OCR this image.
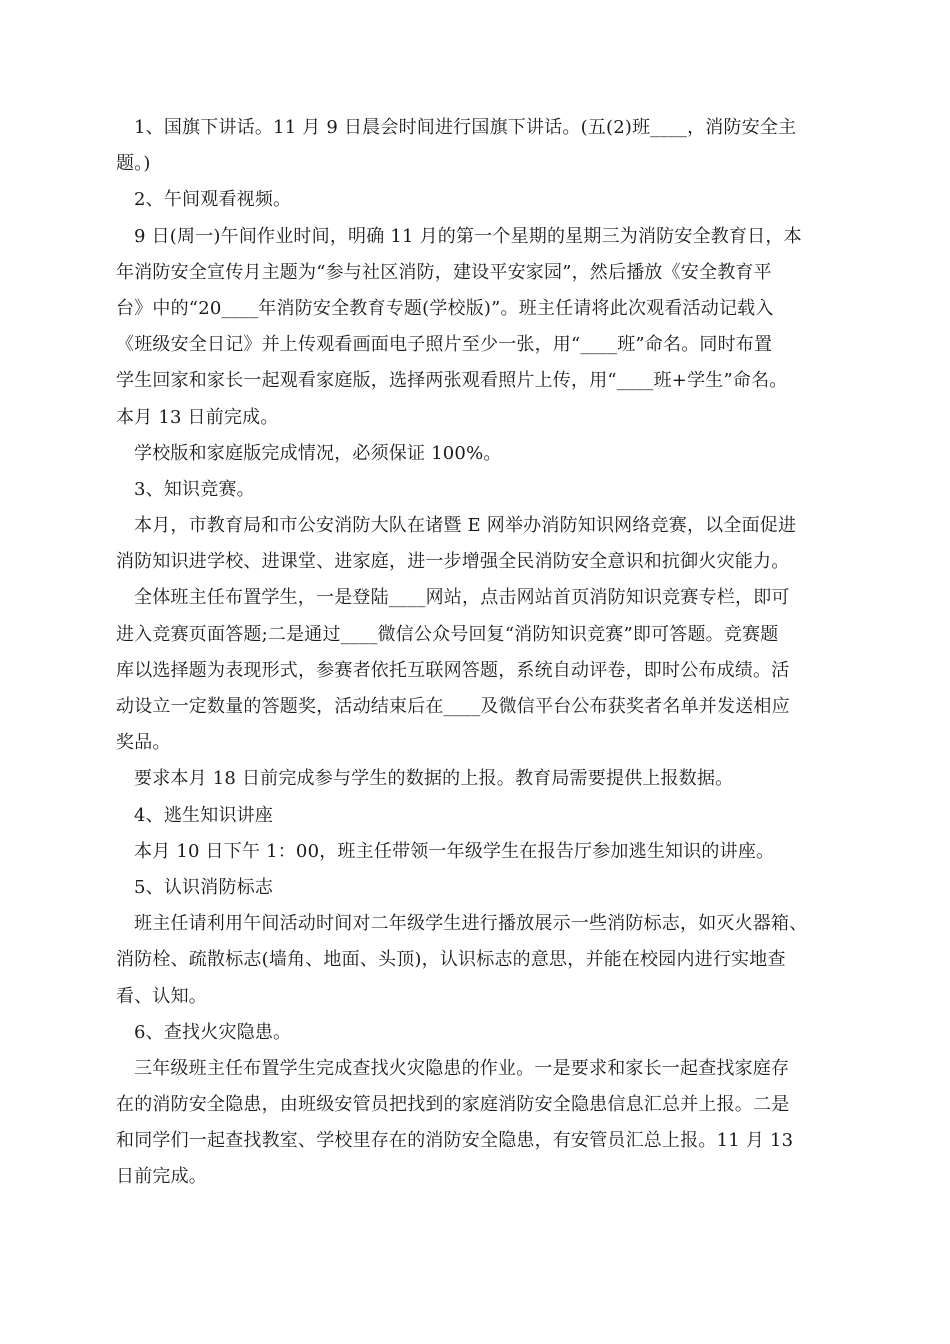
1、国旗下讲话。11 月 9 日晨会时间进行国旗下讲话。(五(2)班____，消防安全主
题。)
2、午间观看视频。
9 日(周一)午间作业时间，明确 11 月的第一个星期的星期三为消防安全教育日，本
年消防安全宣传月主题为“参与社区消防，建设平安家园”，然后播放《安全教育平
台》中的“20____年消防安全教育专题(学校版)”。班主任请将此次观看活动记载入
《班级安全日记》并上传观看画面电子照片至少一张，用“____班”命名。同时布置
学生回家和家长一起观看家庭版，选择两张观看照片上传，用“____班+学生”命名。
本月 13 日前完成。
学校版和家庭版完成情况，必须保证 100%。
3、知识竞赛。
本月，市教育局和市公安消防大队在诸暨 E 网举办消防知识网络竞赛，以全面促进
消防知识进学校、进课堂、进家庭，进一步增强全民消防安全意识和抗御火灾能力。
全体班主任布置学生，一是登陆____网站，点击网站首页消防知识竞赛专栏，即可
进入竞赛页面答题;二是通过____微信公众号回复“消防知识竞赛”即可答题。竞赛题
库以选择题为表现形式，参赛者依托互联网答题，系统自动评卷，即时公布成绩。活
动设立一定数量的答题奖，活动结束后在____及微信平台公布获奖者名单并发送相应
奖品。
要求本月 18 日前完成参与学生的数据的上报。教育局需要提供上报数据。
4、逃生知识讲座
本月 10 日下午 1：00，班主任带领一年级学生在报告厅参加逃生知识的讲座。
5、认识消防标志
班主任请利用午间活动时间对二年级学生进行播放展示一些消防标志，如灭火器箱、
消防栓、疏散标志(墙角、地面、头顶)，认识标志的意思，并能在校园内进行实地查
看、认知。
6、查找火灾隐患。
三年级班主任布置学生完成查找火灾隐患的作业。一是要求和家长一起查找家庭存
在的消防安全隐患，由班级安管员把找到的家庭消防安全隐患信息汇总并上报。二是
和同学们一起查找教室、学校里存在的消防安全隐患，有安管员汇总上报。11 月 13
日前完成。
